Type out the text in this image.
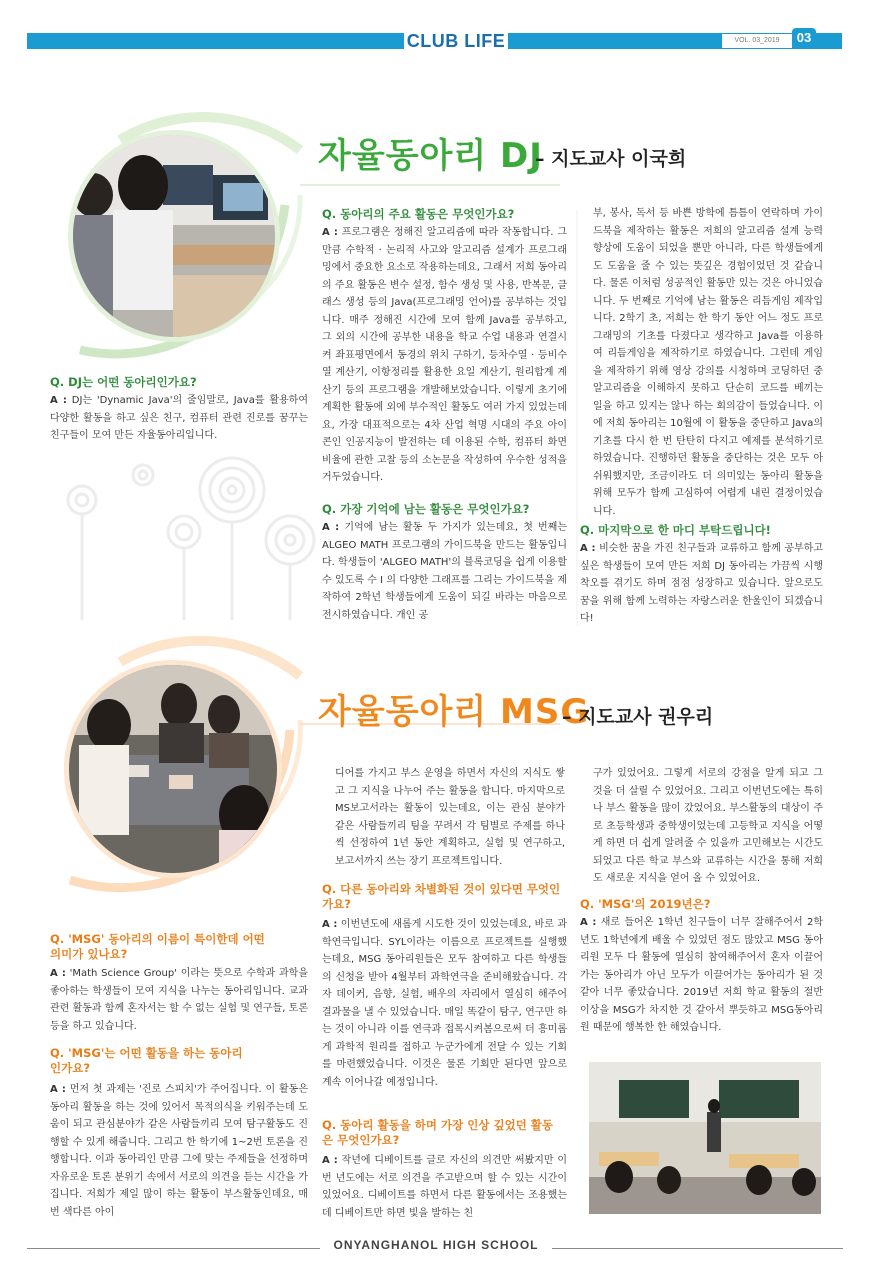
CLUB LIFE	VOL. 03_2019	03
자율동아리 DJ
– 지도교사 이국희
Q. DJ는 어떤 동아리인가요?
A : DJ는 'Dynamic Java'의 줄임말로, Java를 활용하여 다양한 활동을 하고 싶은 친구, 컴퓨터 관련 진로를 꿈꾸는 친구들이 모여 만든 자율동아리입니다.
Q. 동아리의 주요 활동은 무엇인가요?
A : 프로그램은 정해진 알고리즘에 따라 작동합니다. 그만큼 수학적 · 논리적 사고와 알고리즘 설계가 프로그래밍에서 중요한 요소로 작용하는데요, 그래서 저희 동아리의 주요 활동은 변수 설정, 함수 생성 및 사용, 반복문, 클래스 생성 등의 Java(프로그래밍 언어)를 공부하는 것입니다. 매주 정해진 시간에 모여 함께 Java를 공부하고, 그 외의 시간에 공부한 내용을 학교 수업 내용과 연결시켜 좌표평면에서 동경의 위치 구하기, 등차수열 · 등비수열 계산기, 이항정리를 활용한 요일 계산기, 원리합계 계산기 등의 프로그램을 개발해보았습니다. 이렇게 초기에 계획한 활동에 외에 부수적인 활동도 여러 가지 있었는데요, 가장 대표적으로는 4차 산업 혁명 시대의 주요 아이콘인 인공지능이 발전하는 데 이용된 수학, 컴퓨터 화면 비율에 관한 고찰 등의 소논문을 작성하여 우수한 성적을 거두었습니다.
Q. 가장 기억에 남는 활동은 무엇인가요?
A : 기억에 남는 활동 두 가지가 있는데요, 첫 번째는 ALGEO MATH 프로그램의 가이드북을 만드는 활동입니다. 학생들이 'ALGEO MATH'의 블록코딩을 쉽게 이용할 수 있도록 수 I 의 다양한 그래프를 그리는 가이드북을 제작하여 2학년 학생들에게 도움이 되길 바라는 마음으로 전시하였습니다. 개인 공
부, 봉사, 독서 등 바쁜 방학에 틈틈이 연락하며 가이드북을 제작하는 활동은 저희의 알고리즘 설계 능력 향상에 도움이 되었을 뿐만 아니라, 다른 학생들에게도 도움을 줄 수 있는 뜻깊은 경험이었던 것 같습니다. 물론 이처럼 성공적인 활동만 있는 것은 아니었습니다. 두 번째로 기억에 남는 활동은 리듬게임 제작입니다. 2학기 초, 저희는 한 학기 동안 어느 정도 프로그래밍의 기초를 다졌다고 생각하고 Java를 이용하여 리듬게임을 제작하기로 하였습니다. 그런데 게임을 제작하기 위해 영상 강의를 시청하며 코딩하던 중 알고리즘을 이해하지 못하고 단순히 코드를 베끼는 일을 하고 있지는 않나 하는 회의감이 들었습니다. 이에 저희 동아리는 10월에 이 활동을 중단하고 Java의 기초를 다시 한 번 탄탄히 다지고 예제를 분석하기로 하였습니다. 진행하던 활동을 중단하는 것은 모두 아쉬워했지만, 조금이라도 더 의미있는 동아리 활동을 위해 모두가 함께 고심하여 어렵게 내린 결정이었습니다.
Q. 마지막으로 한 마디 부탁드립니다!
A : 비슷한 꿈을 가진 친구들과 교류하고 함께 공부하고 싶은 학생들이 모여 만든 저희 DJ 동아리는 가끔씩 시행착오를 겪기도 하며 점점 성장하고 있습니다. 앞으로도 꿈을 위해 함께 노력하는 자랑스러운 한울인이 되겠습니다!
자율동아리 MSG
– 지도교사 권우리
Q. 'MSG' 동아리의 이름이 특이한데 어떤 의미가 있나요?
A : 'Math Science Group' 이라는 뜻으로 수학과 과학을 좋아하는 학생들이 모여 지식을 나누는 동아리입니다. 교과관련 활동과 함께 혼자서는 할 수 없는 실험 및 연구들, 토론 등을 하고 있습니다.
Q. 'MSG'는 어떤 활동을 하는 동아리인가요?
A : 먼저 첫 과제는 '진로 스피치'가 주어집니다. 이 활동은 동아리 활동을 하는 것에 있어서 목적의식을 키워주는데 도움이 되고 관심분야가 같은 사람들끼리 모여 탐구활동도 진행할 수 있게 해줍니다. 그리고 한 학기에 1~2번 토론을 진행합니다. 이과 동아리인 만큼 그에 맞는 주제들을 선정하며 자유로운 토론 분위기 속에서 서로의 의견을 듣는 시간을 가집니다. 저희가 제일 많이 하는 활동이 부스활동인데요, 매번 색다른 아이
디어를 가지고 부스 운영을 하면서 자신의 지식도 쌓고 그 지식을 나누어 주는 활동을 합니다. 마지막으로 MS보고서라는 활동이 있는데요, 이는 관심 분야가 같은 사람들끼리 팀을 꾸려서 각 팀별로 주제를 하나씩 선정하여 1년 동안 계획하고, 실험 및 연구하고, 보고서까지 쓰는 장기 프로젝트입니다.
Q. 다른 동아리와 차별화된 것이 있다면 무엇인가요?
A : 이번년도에 새롭게 시도한 것이 있었는데요, 바로 과학연극입니다. SYL이라는 이름으로 프로젝트를 실행했는데요, MSG 동아리원들은 모두 참여하고 다른 학생들의 신청을 받아 4월부터 과학연극을 준비해왔습니다. 각자 데이커, 음향, 실험, 배우의 자리에서 열심히 해주어 결과물을 낼 수 있었습니다. 매일 똑같이 탐구, 연구만 하는 것이 아니라 이를 연극과 접목시켜봄으로써 더 흥미롭게 과학적 원리를 접하고 누군가에게 전달 수 있는 기회를 마련했었습니다. 이것은 물론 기회만 된다면 앞으로 계속 이어나갈 예정입니다.
Q. 동아리 활동을 하며 가장 인상 깊었던 활동은 무엇인가요?
A : 작년에 디베이트를 글로 자신의 의견만 써봤지만 이번 년도에는 서로 의견을 주고받으며 할 수 있는 시간이 있었어요. 디베이트를 하면서 다른 활동에서는 조용했는데 디베이트만 하면 빛을 발하는 친
구가 있었어요. 그렇게 서로의 강점을 알게 되고 그 것을 더 살릴 수 있었어요. 그리고 이번년도에는 특히나 부스 활동을 많이 갔었어요. 부스활동의 대상이 주로 초등학생과 중학생이었는데 고등학교 지식을 어떻게 하면 더 쉽게 알려줄 수 있을까 고민해보는 시간도 되었고 다른 학교 부스와 교류하는 시간을 통해 저희도 새로운 지식을 얻어 올 수 있었어요.
Q. 'MSG'의 2019년은?
A : 새로 들어온 1학년 친구들이 너무 잘해주어서 2학년도 1학년에게 배울 수 있었던 점도 많았고 MSG 동아리원 모두 다 활동에 열심히 참여해주어서 혼자 이끌어가는 동아리가 아닌 모두가 이끌어가는 동아리가 된 것 같아 너무 좋았습니다. 2019년 저희 학교 활동의 절반 이상을 MSG가 차지한 것 같아서 뿌듯하고 MSG동아리원 때문에 행복한 한 해였습니다.
ONYANGHANOL HIGH SCHOOL
